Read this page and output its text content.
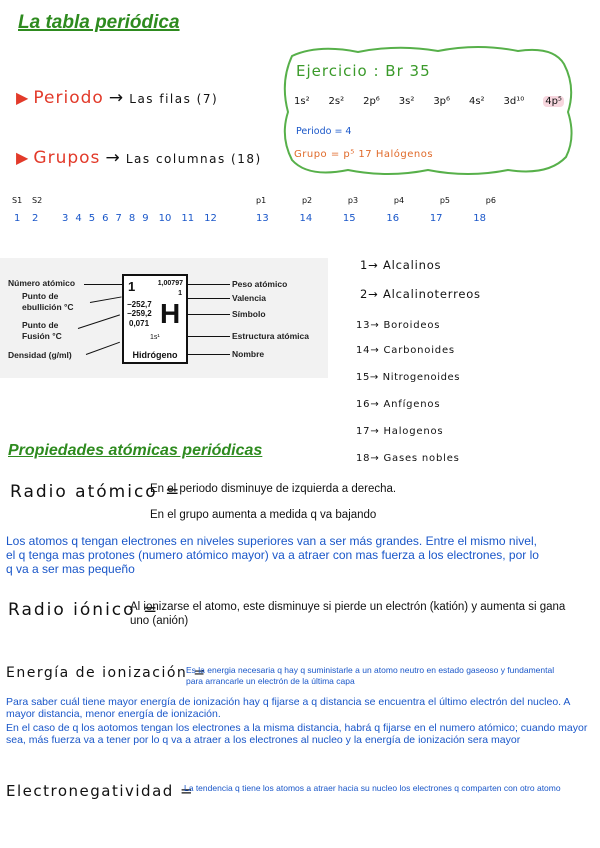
La tabla periódica
▶ Periodo → Las filas (7)
▶ Grupos → Las columnas (18)
Ejercicio : Br 35
1s² 2s² 2p⁶ 3s² 3p⁶ 4s² 3d¹⁰ 4p⁵
Periodo = 4
Grupo = p⁵ 17 Halógenos
S1	S2
1 2 3 4 5 6 7 8 9 10 11 12
p1	p2	p3	p4	p5	p6
13	14	15	16	17	18
Número atómico
Punto de ebullición °C
Punto de Fusión °C
Densidad (g/ml)
1	1,00797
1
−252,7
−259,2
0,071 H
1s¹
Hidrógeno
Peso atómico
Valencia
Símbolo
Estructura atómica
Nombre
1→ Alcalinos
2→ Alcalinoterreos
13→ Boroideos
14→ Carbonoides
15→ Nitrogenoides
16→ Anfígenos
17→ Halogenos
18→ Gases nobles
Propiedades atómicas periódicas
Radio atómico =
En el periodo disminuye de izquierda a derecha.
En el grupo aumenta a medida q va bajando
Los atomos q tengan electrones en niveles superiores van a ser más grandes. Entre el mismo nivel, el q tenga mas protones (numero atómico mayor) va a atraer con mas fuerza a los electrones, por lo q va a ser mas pequeño
Radio iónico =
Al ionizarse el atomo, este disminuye si pierde un electrón (katión) y aumenta si gana uno (anión)
Energía de ionización =
Es la energia necesaria q hay q suministarle a un atomo neutro en estado gaseoso y fundamental para arrancarle un electrón de la última capa
Para saber cuál tiene mayor energía de ionización hay q fijarse a q distancia se encuentra el último electrón del nucleo. A mayor distancia, menor energía de ionización.
En el caso de q los aotomos tengan los electrones a la misma distancia, habrá q fijarse en el numero atómico; cuando mayor sea, más fuerza va a tener por lo q va a atraer a los electrones al nucleo y la energía de ionización sera mayor
Electronegatividad =
La tendencia q tiene los atomos a atraer hacia su nucleo los electrones q comparten con otro atomo
